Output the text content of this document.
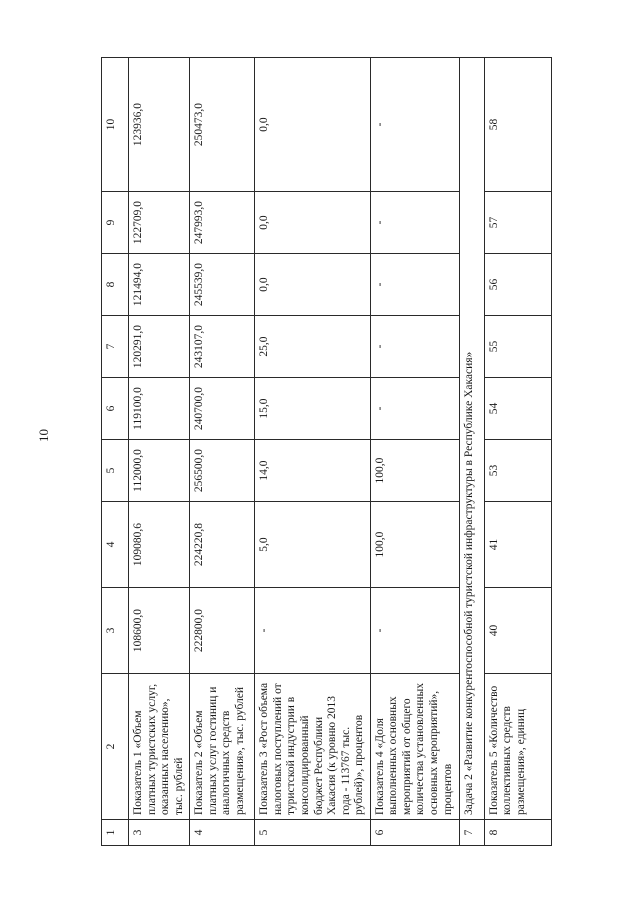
10
1	2	3	4	5	6	7	8	9	10
3	Показатель 1 «Объем платных туристских услуг, оказанных населению», тыс. рублей	108600,0	109080,6	112000,0	119100,0	120291,0	121494,0	122709,0	123936,0
4	Показатель 2 «Объем платных услуг гостиниц и аналогичных средств размещения», тыс. рублей	222800,0	224220,8	256500,0	240700,0	243107,0	245539,0	247993,0	250473,0
5	Показатель 3 «Рост объема налоговых поступлений от туристской индустрии в консолидированный бюджет Республики Хакасия (к уровню 2013 года - 113767 тыс. рублей)», процентов	-	5,0	14,0	15,0	25,0	0,0	0,0	0,0
6	Показатель 4 «Доля выполненных основных мероприятий от общего количества установленных основных мероприятий», процентов	-	100,0	100,0	-	-	-	-	-
7	Задача 2 «Развитие конкурентоспособной туристской инфраструктуры в Республике Хакасия»								
8	Показатель 5 «Количество коллективных средств размещения», единиц	40	41	53	54	55	56	57	58
